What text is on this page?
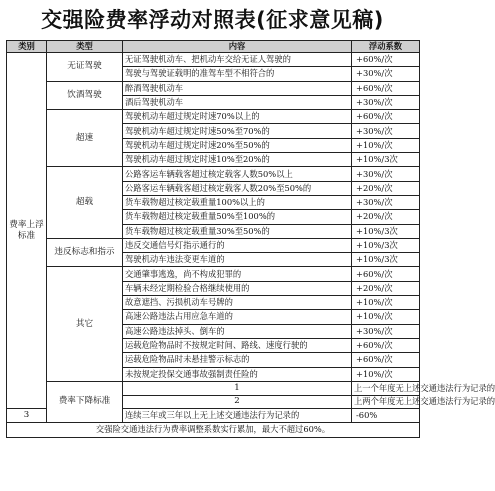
交强险费率浮动对照表(征求意见稿)
类别	类型	内容	浮动系数	
费率上浮标准	无证驾驶	无证驾驶机动车、把机动车交给无证人驾驶的	+60%/次	
		驾驶与驾驶证载明的准驾车型不相符合的	+30%/次	
	饮酒驾驶	醉酒驾驶机动车	+60%/次	
		酒后驾驶机动车	+30%/次	
	超速	驾驶机动车超过规定时速70%以上的	+60%/次	
		驾驶机动车超过规定时速50%至70%的	+30%/次	
		驾驶机动车超过规定时速20%至50%的	+10%/次	
		驾驶机动车超过规定时速10%至20%的	+10%/3次	
	超载	公路客运车辆载客超过核定载客人数50%以上	+30%/次	
		公路客运车辆载客超过核定载客人数20%至50%的	+20%/次	
		货车载物超过核定载重量100%以上的	+30%/次	
		货车载物超过核定载重量50%至100%的	+20%/次	
		货车载物超过核定载重量30%至50%的	+10%/3次	
	违反标志和指示	违反交通信号灯指示通行的	+10%/3次	
		驾驶机动车违法变更车道的	+10%/3次	
	其它	交通肇事逃逸，尚不构成犯罪的	+60%/次	
		车辆未经定期检验合格继续使用的	+20%/次	
		故意遮挡、污损机动车号牌的	+10%/次	
		高速公路违法占用应急车道的	+10%/次	
		高速公路违法掉头、倒车的	+30%/次	
		运载危险物品时不按规定时间、路线、速度行驶的	+60%/次	
		运载危险物品时未悬挂警示标志的	+60%/次	
		未按规定投保交通事故强制责任险的	+10%/次	
	费率下降标准	1	上一个年度无上述交通违法行为记录的	
		2	上两个年度无上述交通违法行为记录的	
3		连续三年或三年以上无上述交通违法行为记录的	-60%	
交强险交通违法行为费率调整系数实行累加，最大不超过60%。				
